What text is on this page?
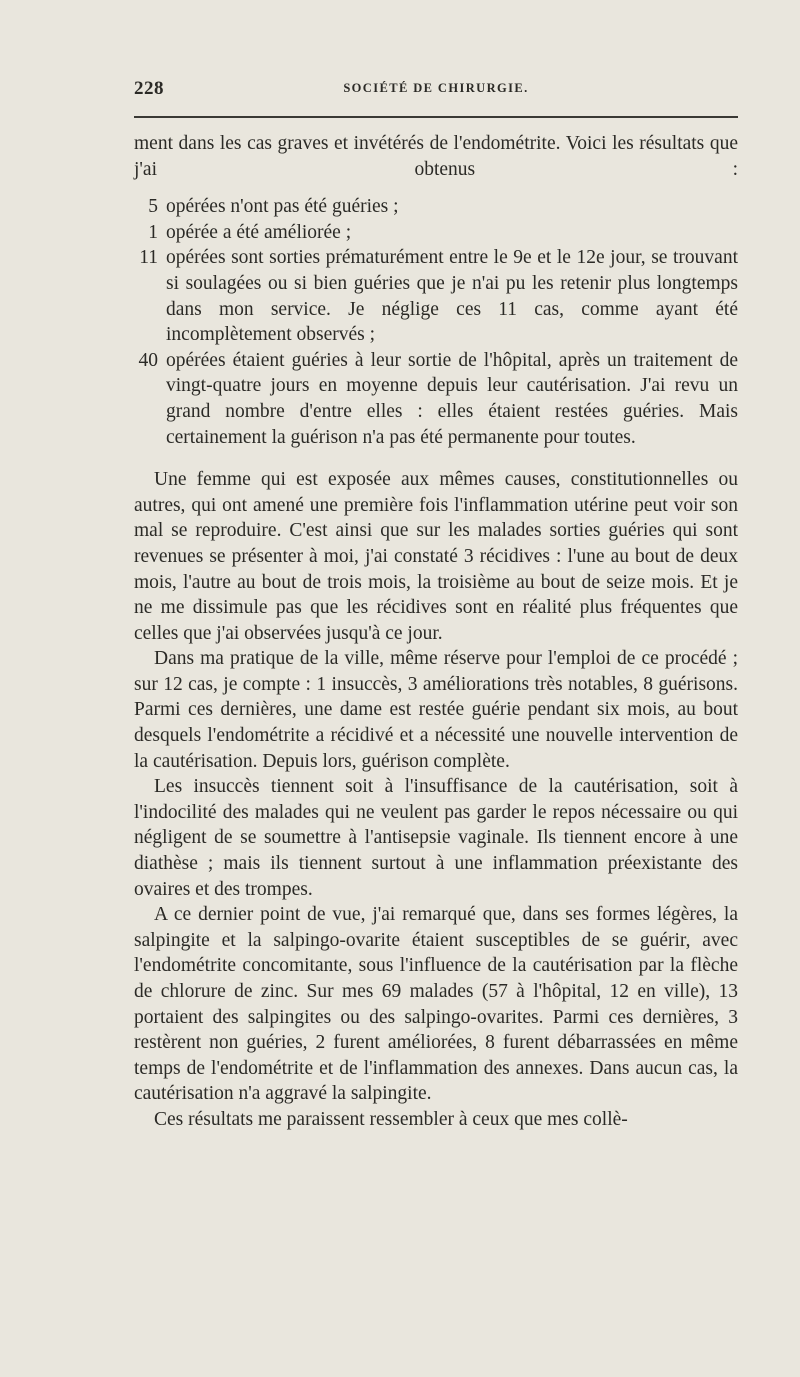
228	SOCIÉTÉ DE CHIRURGIE.

ment dans les cas graves et invétérés de l'endométrite. Voici les résultats que j'ai obtenus :

5 opérées n'ont pas été guéries ;
1 opérée a été améliorée ;
11 opérées sont sorties prématurément entre le 9e et le 12e jour, se trouvant si soulagées ou si bien guéries que je n'ai pu les retenir plus longtemps dans mon service. Je néglige ces 11 cas, comme ayant été incomplètement observés ;
40 opérées étaient guéries à leur sortie de l'hôpital, après un traitement de vingt-quatre jours en moyenne depuis leur cautérisation. J'ai revu un grand nombre d'entre elles : elles étaient restées guéries. Mais certainement la guérison n'a pas été permanente pour toutes.

Une femme qui est exposée aux mêmes causes, constitutionnelles ou autres, qui ont amené une première fois l'inflammation utérine peut voir son mal se reproduire. C'est ainsi que sur les malades sorties guéries qui sont revenues se présenter à moi, j'ai constaté 3 récidives : l'une au bout de deux mois, l'autre au bout de trois mois, la troisième au bout de seize mois. Et je ne me dissimule pas que les récidives sont en réalité plus fréquentes que celles que j'ai observées jusqu'à ce jour.

Dans ma pratique de la ville, même réserve pour l'emploi de ce procédé ; sur 12 cas, je compte : 1 insuccès, 3 améliorations très notables, 8 guérisons. Parmi ces dernières, une dame est restée guérie pendant six mois, au bout desquels l'endométrite a récidivé et a nécessité une nouvelle intervention de la cautérisation. Depuis lors, guérison complète.

Les insuccès tiennent soit à l'insuffisance de la cautérisation, soit à l'indocilité des malades qui ne veulent pas garder le repos nécessaire ou qui négligent de se soumettre à l'antisepsie vaginale. Ils tiennent encore à une diathèse ; mais ils tiennent surtout à une inflammation préexistante des ovaires et des trompes.

A ce dernier point de vue, j'ai remarqué que, dans ses formes légères, la salpingite et la salpingo-ovarite étaient susceptibles de se guérir, avec l'endométrite concomitante, sous l'influence de la cautérisation par la flèche de chlorure de zinc. Sur mes 69 malades (57 à l'hôpital, 12 en ville), 13 portaient des salpingites ou des salpingo-ovarites. Parmi ces dernières, 3 restèrent non guéries, 2 furent améliorées, 8 furent débarrassées en même temps de l'endométrite et de l'inflammation des annexes. Dans aucun cas, la cautérisation n'a aggravé la salpingite.

Ces résultats me paraissent ressembler à ceux que mes collè-
